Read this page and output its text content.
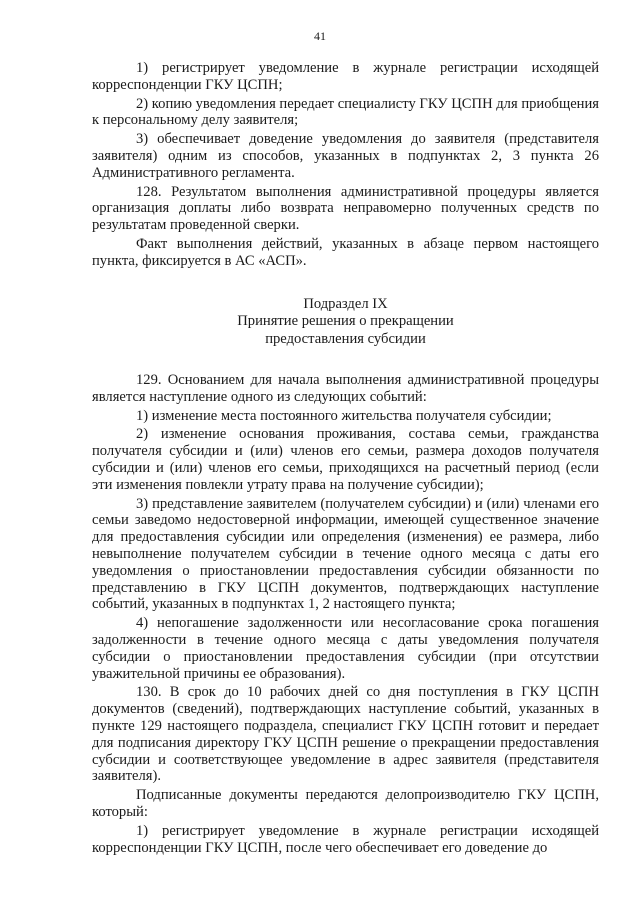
41

1) регистрирует уведомление в журнале регистрации исходящей корреспонденции ГКУ ЦСПН;

2) копию уведомления передает специалисту ГКУ ЦСПН для приобщения к персональному делу заявителя;

3) обеспечивает доведение уведомления до заявителя (представителя заявителя) одним из способов, указанных в подпунктах 2, 3 пункта 26 Административного регламента.

128. Результатом выполнения административной процедуры является организация доплаты либо возврата неправомерно полученных средств по результатам проведенной сверки.

Факт выполнения действий, указанных в абзаце первом настоящего пункта, фиксируется в АС «АСП».

Подраздел IX
Принятие решения о прекращении
предоставления субсидии

129. Основанием для начала выполнения административной процедуры является наступление одного из следующих событий:

1) изменение места постоянного жительства получателя субсидии;

2) изменение основания проживания, состава семьи, гражданства получателя субсидии и (или) членов его семьи, размера доходов получателя субсидии и (или) членов его семьи, приходящихся на расчетный период (если эти изменения повлекли утрату права на получение субсидии);

3) представление заявителем (получателем субсидии) и (или) членами его семьи заведомо недостоверной информации, имеющей существенное значение для предоставления субсидии или определения (изменения) ее размера, либо невыполнение получателем субсидии в течение одного месяца с даты его уведомления о приостановлении предоставления субсидии обязанности по представлению в ГКУ ЦСПН документов, подтверждающих наступление событий, указанных в подпунктах 1, 2 настоящего пункта;

4) непогашение задолженности или несогласование срока погашения задолженности в течение одного месяца с даты уведомления получателя субсидии о приостановлении предоставления субсидии (при отсутствии уважительной причины ее образования).

130. В срок до 10 рабочих дней со дня поступления в ГКУ ЦСПН документов (сведений), подтверждающих наступление событий, указанных в пункте 129 настоящего подраздела, специалист ГКУ ЦСПН готовит и передает для подписания директору ГКУ ЦСПН решение о прекращении предоставления субсидии и соответствующее уведомление в адрес заявителя (представителя заявителя).

Подписанные документы передаются делопроизводителю ГКУ ЦСПН, который:

1) регистрирует уведомление в журнале регистрации исходящей корреспонденции ГКУ ЦСПН, после чего обеспечивает его доведение до
